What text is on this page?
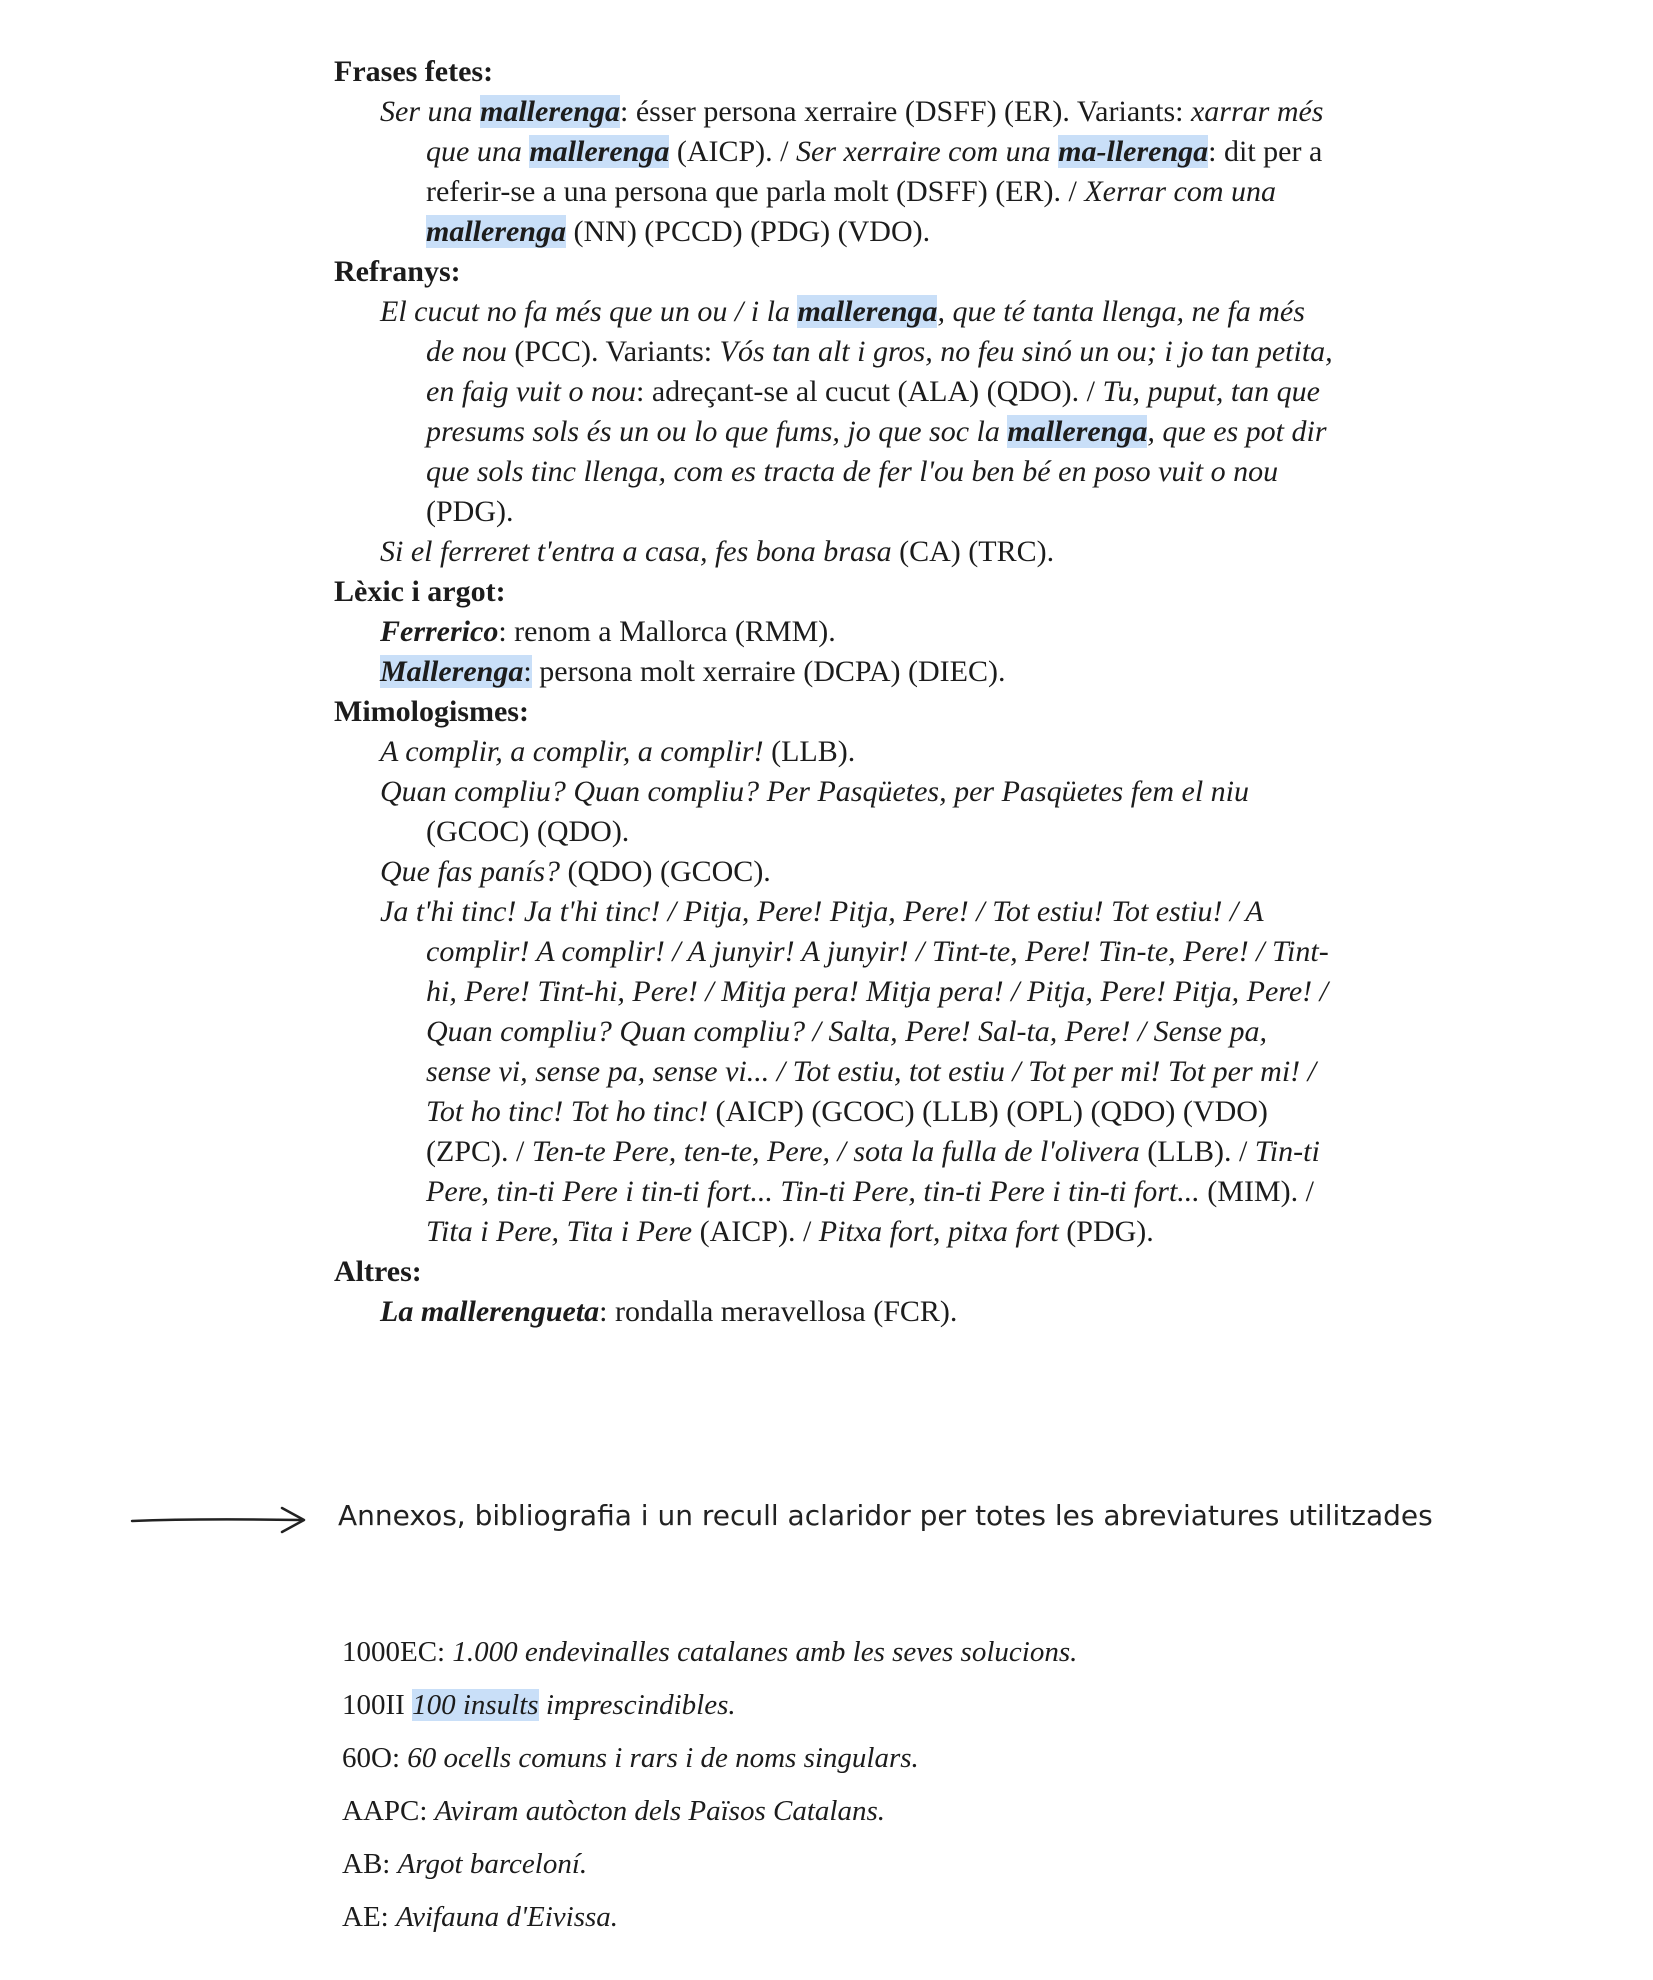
Frases fetes:
Ser una mallerenga: ésser persona xerraire (DSFF) (ER). Variants: xarrar més que una mallerenga (AICP). / Ser xerraire com una ma-llerenga: dit per a referir-se a una persona que parla molt (DSFF) (ER). / Xerrar com una mallerenga (NN) (PCCD) (PDG) (VDO).
Refranys:
El cucut no fa més que un ou / i la mallerenga, que té tanta llenga, ne fa més de nou (PCC). Variants: Vós tan alt i gros, no feu sinó un ou; i jo tan petita, en faig vuit o nou: adreçant-se al cucut (ALA) (QDO). / Tu, puput, tan que presums sols és un ou lo que fums, jo que soc la mallerenga, que es pot dir que sols tinc llenga, com es tracta de fer l'ou ben bé en poso vuit o nou (PDG).
Si el ferreret t'entra a casa, fes bona brasa (CA) (TRC).
Lèxic i argot:
Ferrerico: renom a Mallorca (RMM).
Mallerenga: persona molt xerraire (DCPA) (DIEC).
Mimologismes:
A complir, a complir, a complir! (LLB).
Quan compliu? Quan compliu? Per Pasqüetes, per Pasqüetes fem el niu (GCOC) (QDO).
Que fas panís? (QDO) (GCOC).
Ja t'hi tinc! Ja t'hi tinc! / Pitja, Pere! Pitja, Pere! / Tot estiu! Tot estiu! / A complir! A complir! / A junyir! A junyir! / Tint-te, Pere! Tin-te, Pere! / Tint-hi, Pere! Tint-hi, Pere! / Mitja pera! Mitja pera! / Pitja, Pere! Pitja, Pere! / Quan compliu? Quan compliu? / Salta, Pere! Sal-ta, Pere! / Sense pa, sense vi, sense pa, sense vi... / Tot estiu, tot estiu / Tot per mi! Tot per mi! / Tot ho tinc! Tot ho tinc! (AICP) (GCOC) (LLB) (OPL) (QDO) (VDO) (ZPC). / Ten-te Pere, ten-te, Pere, / sota la fulla de l'olivera (LLB). / Tin-ti Pere, tin-ti Pere i tin-ti fort... Tin-ti Pere, tin-ti Pere i tin-ti fort... (MIM). / Tita i Pere, Tita i Pere (AICP). / Pitxa fort, pitxa fort (PDG).
Altres:
La mallerengueta: rondalla meravellosa (FCR).
Annexos, bibliografia i un recull aclaridor per totes les abreviatures utilitzades
1000EC: 1.000 endevinalles catalanes amb les seves solucions.
100II 100 insults imprescindibles.
60O: 60 ocells comuns i rars i de noms singulars.
AAPC: Aviram autòcton dels Països Catalans.
AB: Argot barceloní.
AE: Avifauna d'Eivissa.
